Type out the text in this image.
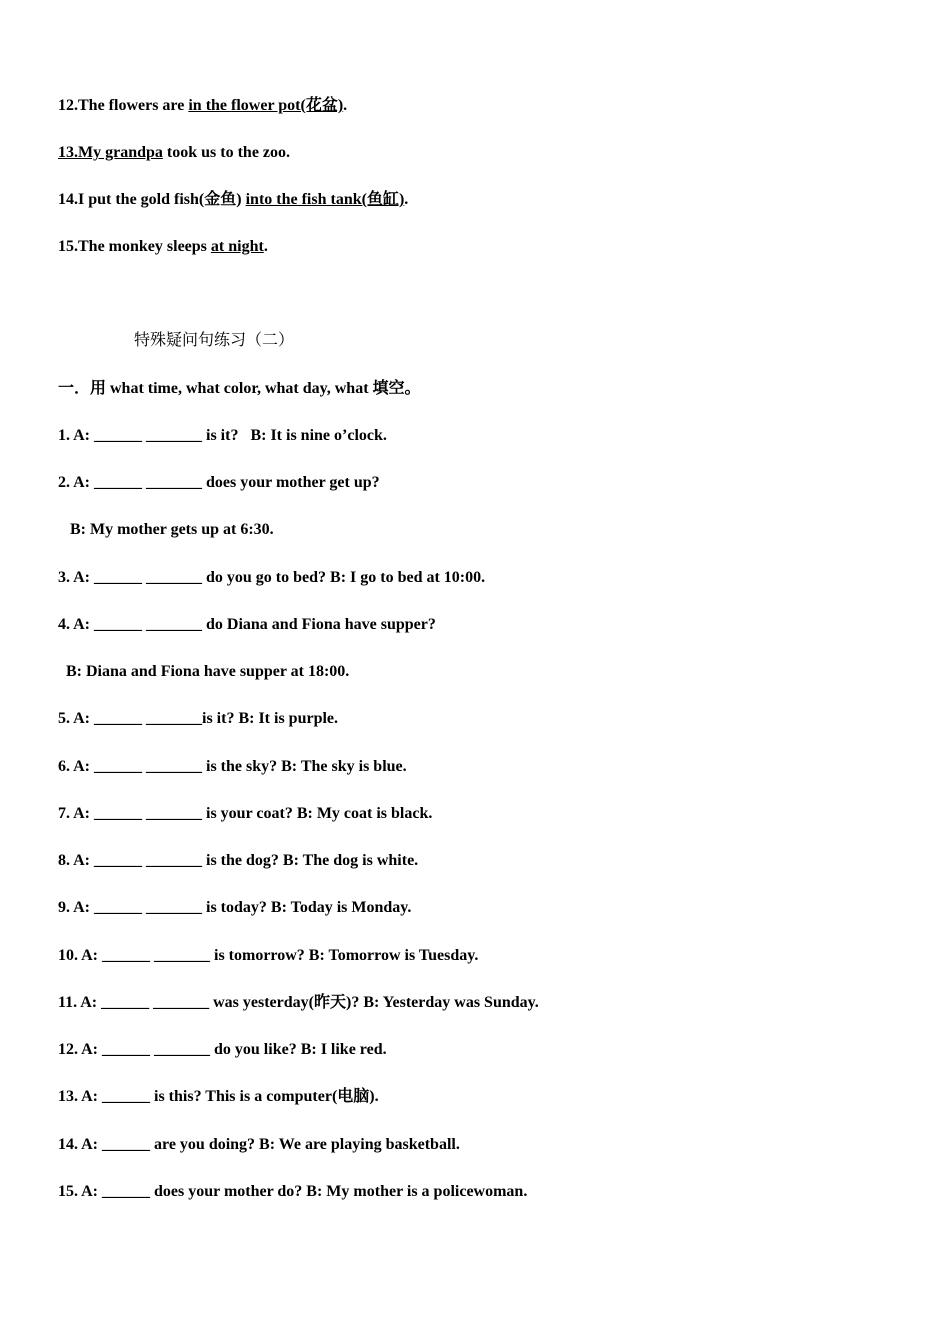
12.The flowers are in the flower pot(花盆).
13.My grandpa took us to the zoo.
14.I put the gold fish(金鱼) into the fish tank(鱼缸).
15.The monkey sleeps at night.
特殊疑问句练习（二）
一．用 what time, what color, what day, what 填空。
1. A: ______ _______ is it?   B: It is nine o’clock.
2. A: ______ _______ does your mother get up?
B: My mother gets up at 6:30.
3. A: ______ _______ do you go to bed? B: I go to bed at 10:00.
4. A: ______ _______ do Diana and Fiona have supper?
B: Diana and Fiona have supper at 18:00.
5. A: ______ _______is it? B: It is purple.
6. A: ______ _______ is the sky? B: The sky is blue.
7. A: ______ _______ is your coat? B: My coat is black.
8. A: ______ _______ is the dog? B: The dog is white.
9. A: ______ _______ is today? B: Today is Monday.
10. A: ______ _______ is tomorrow? B: Tomorrow is Tuesday.
11. A: ______ _______ was yesterday(昨天)? B: Yesterday was Sunday.
12. A: ______ _______ do you like? B: I like red.
13. A: ______ is this? This is a computer(电脑).
14. A: ______ are you doing? B: We are playing basketball.
15. A: ______ does your mother do? B: My mother is a policewoman.
